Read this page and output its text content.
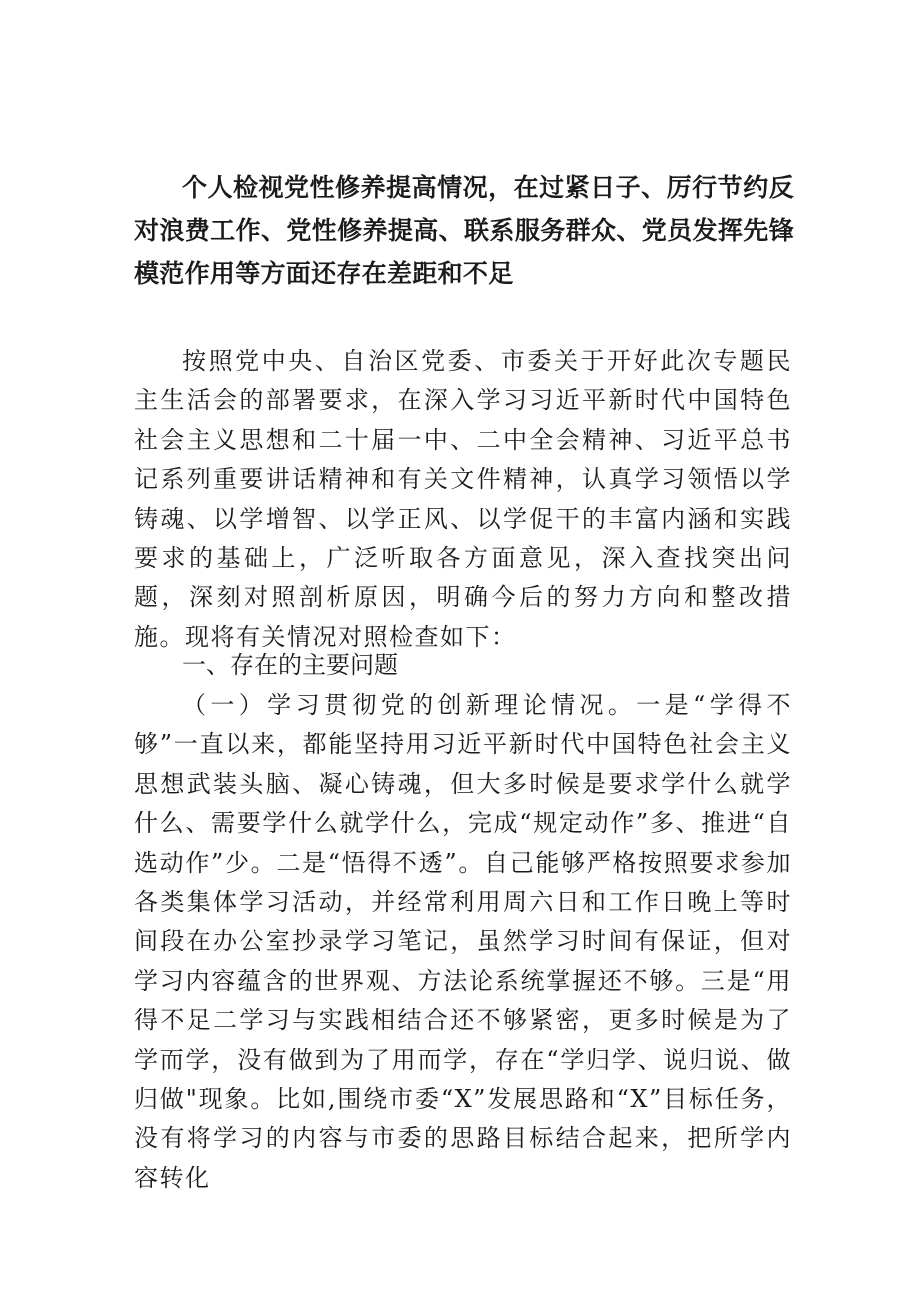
个人检视党性修养提高情况，在过紧日子、厉行节约反对浪费工作、党性修养提高、联系服务群众、党员发挥先锋模范作用等方面还存在差距和不足
按照党中央、自治区党委、市委关于开好此次专题民主生活会的部署要求，在深入学习习近平新时代中国特色社会主义思想和二十届一中、二中全会精神、习近平总书记系列重要讲话精神和有关文件精神，认真学习领悟以学铸魂、以学增智、以学正风、以学促干的丰富内涵和实践要求的基础上，广泛听取各方面意见，深入查找突出问题，深刻对照剖析原因，明确今后的努力方向和整改措施。现将有关情况对照检查如下：
一、存在的主要问题
（一）学习贯彻党的创新理论情况。一是“学得不够”一直以来，都能坚持用习近平新时代中国特色社会主义思想武装头脑、凝心铸魂，但大多时候是要求学什么就学什么、需要学什么就学什么，完成“规定动作”多、推进“自选动作”少。二是“悟得不透”。自己能够严格按照要求参加各类集体学习活动，并经常利用周六日和工作日晚上等时间段在办公室抄录学习笔记，虽然学习时间有保证，但对学习内容蕴含的世界观、方法论系统掌握还不够。三是“用得不足二学习与实践相结合还不够紧密，更多时候是为了学而学，没有做到为了用而学，存在“学归学、说归说、做归做"现象。比如,围绕市委“X”发展思路和“X”目标任务，没有将学习的内容与市委的思路目标结合起来，把所学内容转化
